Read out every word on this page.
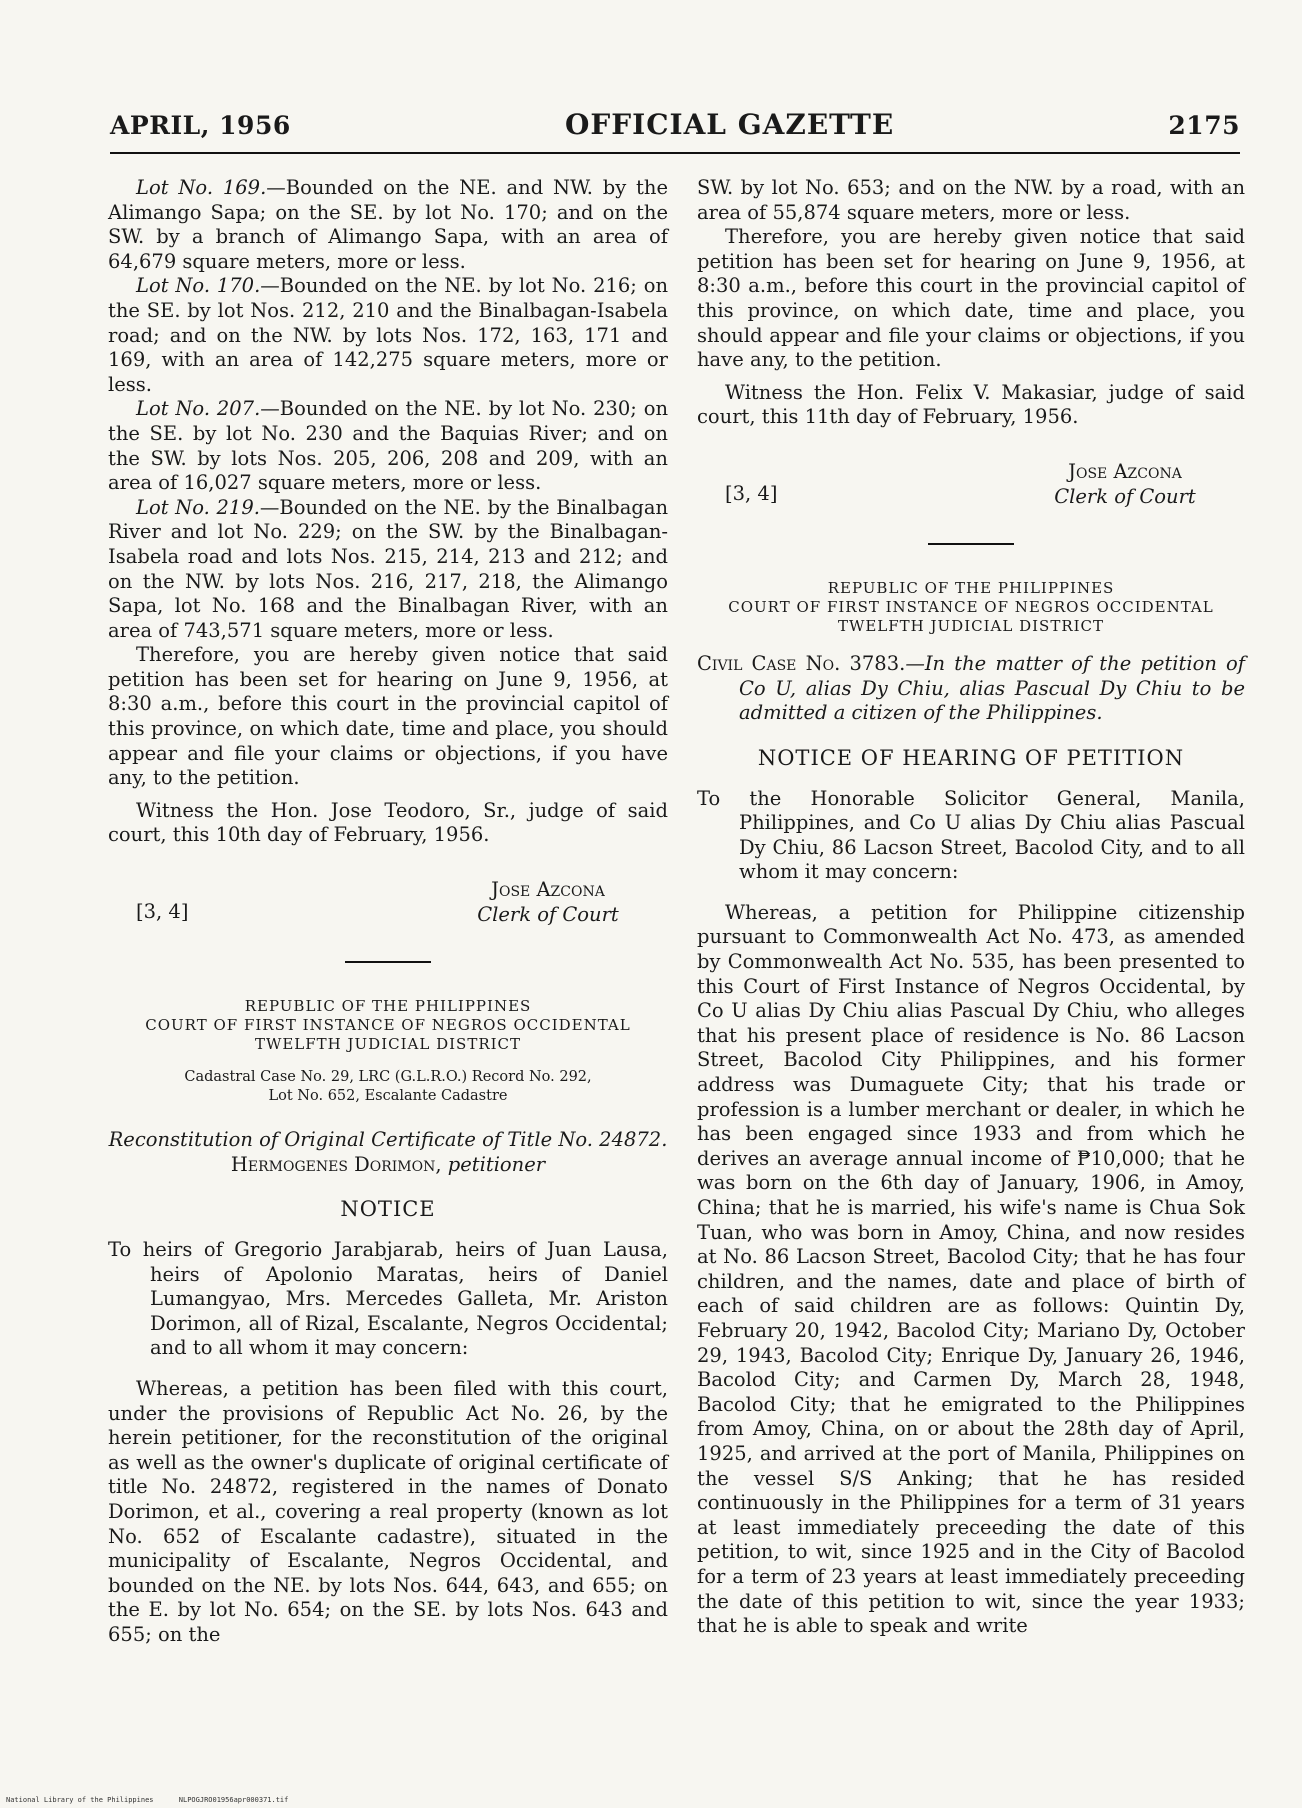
APRIL, 1956	OFFICIAL GAZETTE	2175

Lot No. 169.—Bounded on the NE. and NW. by the Alimango Sapa; on the SE. by lot No. 170; and on the SW. by a branch of Alimango Sapa, with an area of 64,679 square meters, more or less.

Lot No. 170.—Bounded on the NE. by lot No. 216; on the SE. by lot Nos. 212, 210 and the Binalbagan-Isabela road; and on the NW. by lots Nos. 172, 163, 171 and 169, with an area of 142,275 square meters, more or less.

Lot No. 207.—Bounded on the NE. by lot No. 230; on the SE. by lot No. 230 and the Baquias River; and on the SW. by lots Nos. 205, 206, 208 and 209, with an area of 16,027 square meters, more or less.

Lot No. 219.—Bounded on the NE. by the Binalbagan River and lot No. 229; on the SW. by the Binalbagan-Isabela road and lots Nos. 215, 214, 213 and 212; and on the NW. by lots Nos. 216, 217, 218, the Alimango Sapa, lot No. 168 and the Binalbagan River, with an area of 743,571 square meters, more or less.

Therefore, you are hereby given notice that said petition has been set for hearing on June 9, 1956, at 8:30 a.m., before this court in the provincial capitol of this province, on which date, time and place, you should appear and file your claims or objections, if you have any, to the petition.

Witness the Hon. Jose Teodoro, Sr., judge of said court, this 10th day of February, 1956.

[3, 4]
Jose Azcona
Clerk of Court
REPUBLIC OF THE PHILIPPINES
COURT OF FIRST INSTANCE OF NEGROS OCCIDENTAL
TWELFTH JUDICIAL DISTRICT
Cadastral Case No. 29, LRC (G.L.R.O.) Record No. 292,
Lot No. 652, Escalante Cadastre
Reconstitution of Original Certificate of Title No. 24872. Hermogenes Dorimon, petitioner
NOTICE

To heirs of Gregorio Jarabjarab, heirs of Juan Lausa, heirs of Apolonio Maratas, heirs of Daniel Lumangyao, Mrs. Mercedes Galleta, Mr. Ariston Dorimon, all of Rizal, Escalante, Negros Occidental; and to all whom it may concern:

Whereas, a petition has been filed with this court, under the provisions of Republic Act No. 26, by the herein petitioner, for the reconstitution of the original as well as the owner's duplicate of original certificate of title No. 24872, registered in the names of Donato Dorimon, et al., covering a real property (known as lot No. 652 of Escalante cadastre), situated in the municipality of Escalante, Negros Occidental, and bounded on the NE. by lots Nos. 644, 643, and 655; on the E. by lot No. 654; on the SE. by lots Nos. 643 and 655; on the

SW. by lot No. 653; and on the NW. by a road, with an area of 55,874 square meters, more or less.

Therefore, you are hereby given notice that said petition has been set for hearing on June 9, 1956, at 8:30 a.m., before this court in the provincial capitol of this province, on which date, time and place, you should appear and file your claims or objections, if you have any, to the petition.

Witness the Hon. Felix V. Makasiar, judge of said court, this 11th day of February, 1956.

[3, 4]
Jose Azcona
Clerk of Court
REPUBLIC OF THE PHILIPPINES
COURT OF FIRST INSTANCE OF NEGROS OCCIDENTAL
TWELFTH JUDICIAL DISTRICT

Civil Case No. 3783.—In the matter of the petition of Co U, alias Dy Chiu, alias Pascual Dy Chiu to be admitted a citizen of the Philippines.

NOTICE OF HEARING OF PETITION

To the Honorable Solicitor General, Manila, Philippines, and Co U alias Dy Chiu alias Pascual Dy Chiu, 86 Lacson Street, Bacolod City, and to all whom it may concern:

Whereas, a petition for Philippine citizenship pursuant to Commonwealth Act No. 473, as amended by Commonwealth Act No. 535, has been presented to this Court of First Instance of Negros Occidental, by Co U alias Dy Chiu alias Pascual Dy Chiu, who alleges that his present place of residence is No. 86 Lacson Street, Bacolod City Philippines, and his former address was Dumaguete City; that his trade or profession is a lumber merchant or dealer, in which he has been engaged since 1933 and from which he derives an average annual income of ₱10,000; that he was born on the 6th day of January, 1906, in Amoy, China; that he is married, his wife's name is Chua Sok Tuan, who was born in Amoy, China, and now resides at No. 86 Lacson Street, Bacolod City; that he has four children, and the names, date and place of birth of each of said children are as follows: Quintin Dy, February 20, 1942, Bacolod City; Mariano Dy, October 29, 1943, Bacolod City; Enrique Dy, January 26, 1946, Bacolod City; and Carmen Dy, March 28, 1948, Bacolod City; that he emigrated to the Philippines from Amoy, China, on or about the 28th day of April, 1925, and arrived at the port of Manila, Philippines on the vessel S/S Anking; that he has resided continuously in the Philippines for a term of 31 years at least immediately preceeding the date of this petition, to wit, since 1925 and in the City of Bacolod for a term of 23 years at least immediately preceeding the date of this petition to wit, since the year 1933; that he is able to speak and write

National Library of the Philippines      NLPOGJRO01956apr000371.tif
